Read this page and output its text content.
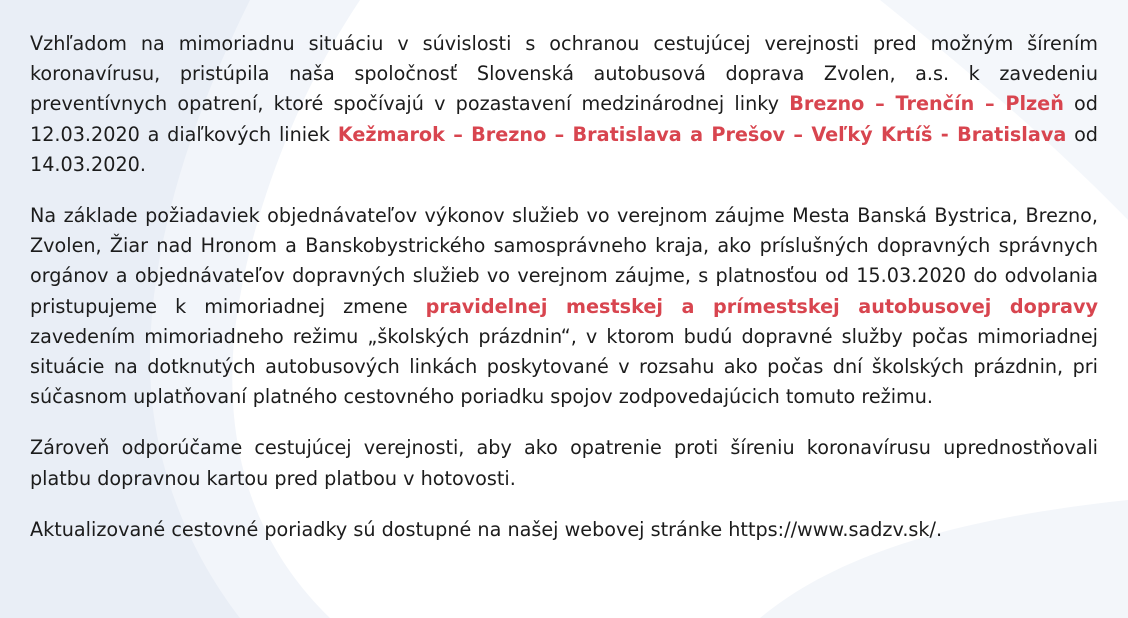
Vzhľadom na mimoriadnu situáciu v súvislosti s ochranou cestujúcej verejnosti pred možným šírením koronavírusu, pristúpila naša spoločnosť Slovenská autobusová doprava Zvolen, a.s. k zavedeniu preventívnych opatrení, ktoré spočívajú v pozastavení medzinárodnej linky Brezno – Trenčín – Plzeň od 12.03.2020 a diaľkových liniek Kežmarok – Brezno – Bratislava a Prešov – Veľký Krtíš - Bratislava od 14.03.2020.

Na základe požiadaviek objednávateľov výkonov služieb vo verejnom záujme Mesta Banská Bystrica, Brezno, Zvolen, Žiar nad Hronom a Banskobystrického samosprávneho kraja, ako príslušných dopravných správnych orgánov a objednávateľov dopravných služieb vo verejnom záujme, s platnosťou od 15.03.2020 do odvolania pristupujeme k mimoriadnej zmene pravidelnej mestskej a prímestskej autobusovej dopravy zavedením mimoriadneho režimu „školských prázdnin“, v ktorom budú dopravné služby počas mimoriadnej situácie na dotknutých autobusových linkách poskytované v rozsahu ako počas dní školských prázdnin, pri súčasnom uplatňovaní platného cestovného poriadku spojov zodpovedajúcich tomuto režimu.

Zároveň odporúčame cestujúcej verejnosti, aby ako opatrenie proti šíreniu koronavírusu uprednostňovali platbu dopravnou kartou pred platbou v hotovosti.

Aktualizované cestovné poriadky sú dostupné na našej webovej stránke https://www.sadzv.sk/.
